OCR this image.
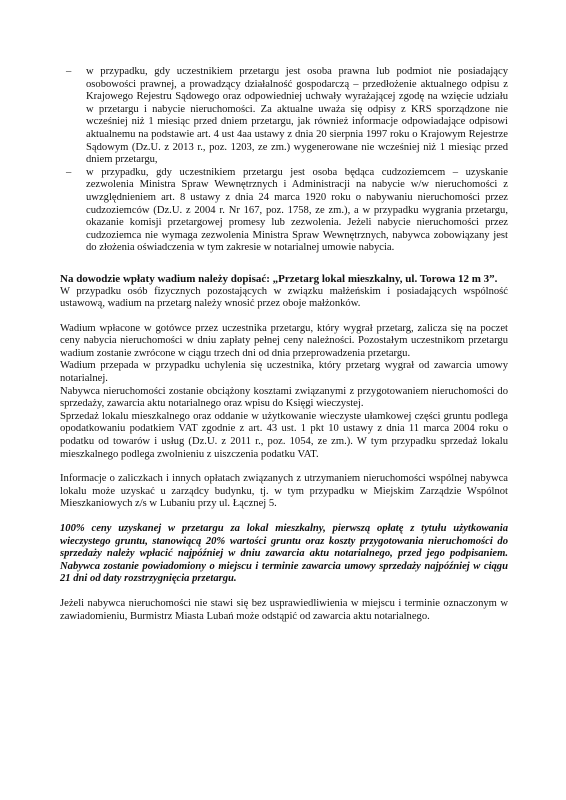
– w przypadku, gdy uczestnikiem przetargu jest osoba prawna lub podmiot nie posiadający osobowości prawnej, a prowadzący działalność gospodarczą – przedłożenie aktualnego odpisu z Krajowego Rejestru Sądowego oraz odpowiedniej uchwały wyrażającej zgodę na wzięcie udziału w przetargu i nabycie nieruchomości. Za aktualne uważa się odpisy z KRS sporządzone nie wcześniej niż 1 miesiąc przed dniem przetargu, jak również informacje odpowiadające odpisowi aktualnemu na podstawie art. 4 ust 4aa ustawy z dnia 20 sierpnia 1997 roku o Krajowym Rejestrze Sądowym (Dz.U. z 2013 r., poz. 1203, ze zm.) wygenerowane nie wcześniej niż 1 miesiąc przed dniem przetargu,
– w przypadku, gdy uczestnikiem przetargu jest osoba będąca cudzoziemcem – uzyskanie zezwolenia Ministra Spraw Wewnętrznych i Administracji na nabycie w/w nieruchomości z uwzględnieniem art. 8 ustawy z dnia 24 marca 1920 roku o nabywaniu nieruchomości przez cudzoziemców (Dz.U. z 2004 r. Nr 167, poz. 1758, ze zm.), a w przypadku wygrania przetargu, okazanie komisji przetargowej promesy lub zezwolenia. Jeżeli nabycie nieruchomości przez cudzoziemca nie wymaga zezwolenia Ministra Spraw Wewnętrznych, nabywca zobowiązany jest do złożenia oświadczenia w tym zakresie w notarialnej umowie nabycia.

Na dowodzie wpłaty wadium należy dopisać: „Przetarg lokal mieszkalny, ul. Torowa 12 m 3”.

W przypadku osób fizycznych pozostających w związku małżeńskim i posiadających wspólność ustawową, wadium na przetarg należy wnosić przez oboje małżonków.

Wadium wpłacone w gotówce przez uczestnika przetargu, który wygrał przetarg, zalicza się na poczet ceny nabycia nieruchomości w dniu zapłaty pełnej ceny należności. Pozostałym uczestnikom przetargu wadium zostanie zwrócone w ciągu trzech dni od dnia przeprowadzenia przetargu.

Wadium przepada w przypadku uchylenia się uczestnika, który przetarg wygrał od zawarcia umowy notarialnej.

Nabywca nieruchomości zostanie obciążony kosztami związanymi z przygotowaniem nieruchomości do sprzedaży, zawarcia aktu notarialnego oraz wpisu do Księgi wieczystej.

Sprzedaż lokalu mieszkalnego oraz oddanie w użytkowanie wieczyste ułamkowej części gruntu podlega opodatkowaniu podatkiem VAT zgodnie z art. 43 ust. 1 pkt 10 ustawy z dnia 11 marca 2004 roku o podatku od towarów i usług (Dz.U. z 2011 r., poz. 1054, ze zm.). W tym przypadku sprzedaż lokalu mieszkalnego podlega zwolnieniu z uiszczenia podatku VAT.

Informacje o zaliczkach i innych opłatach związanych z utrzymaniem nieruchomości wspólnej nabywca lokalu może uzyskać u zarządcy budynku, tj. w tym przypadku w Miejskim Zarządzie Wspólnot Mieszkaniowych z/s w Lubaniu przy ul. Łącznej 5.

100% ceny uzyskanej w przetargu za lokal mieszkalny, pierwszą opłatę z tytułu użytkowania wieczystego gruntu, stanowiącą 20% wartości gruntu oraz koszty przygotowania nieruchomości do sprzedaży należy wpłacić najpóźniej w dniu zawarcia aktu notarialnego, przed jego podpisaniem. Nabywca zostanie powiadomiony o miejscu i terminie zawarcia umowy sprzedaży najpóźniej w ciągu 21 dni od daty rozstrzygnięcia przetargu.

Jeżeli nabywca nieruchomości nie stawi się bez usprawiedliwienia w miejscu i terminie oznaczonym w zawiadomieniu, Burmistrz Miasta Lubań może odstąpić od zawarcia aktu notarialnego.
